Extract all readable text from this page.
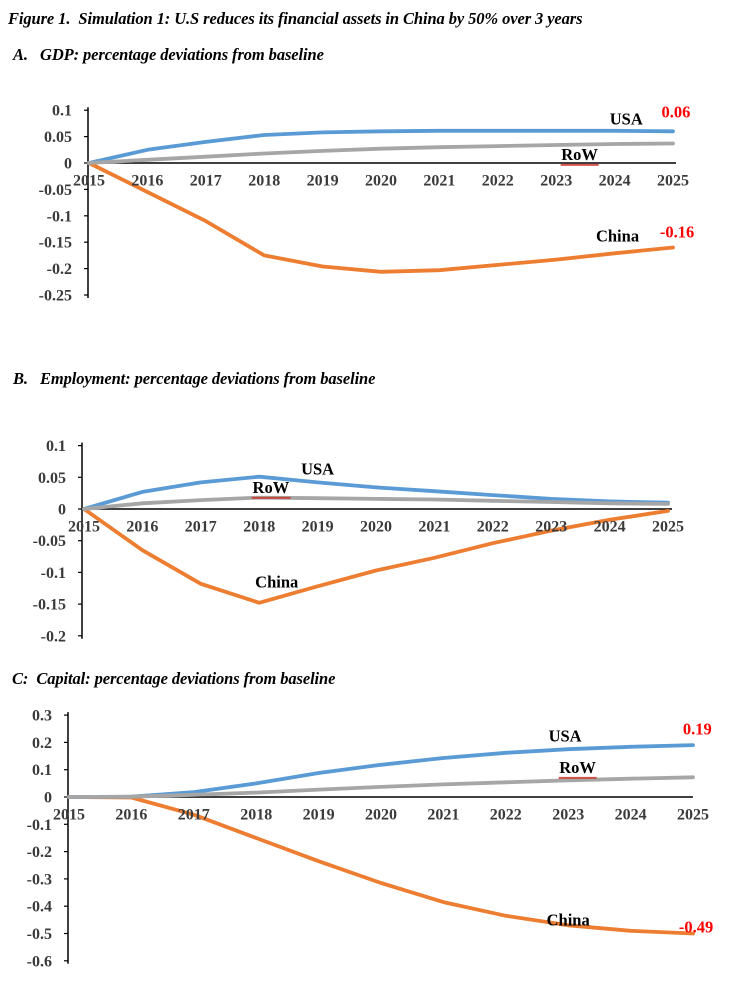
Figure 1.  Simulation 1: U.S reduces its financial assets in China by 50% over 3 years
A.   GDP: percentage deviations from baseline
B.   Employment: percentage deviations from baseline
C:  Capital: percentage deviations from baseline
0.1
0.05
0
-0.05
-0.1
-0.15
-0.2
-0.25
2015 2016 2017 2018 2019 2020 2021 2022 2023 2024 2025
0.1
0.05
0
-0.05
-0.1
-0.15
-0.2
2015 2016 2017 2018 2019 2020 2021 2022 2023 2024 2025
0.3
0.2
0.1
0
-0.1
-0.2
-0.3
-0.4
-0.5
-0.6
2015 2016 2017 2018 2019 2020 2021 2022 2023 2024 2025
USA 0.06
RoW
China -0.16
USA
RoW
China
USA	0.19
RoW
China	-0.49
